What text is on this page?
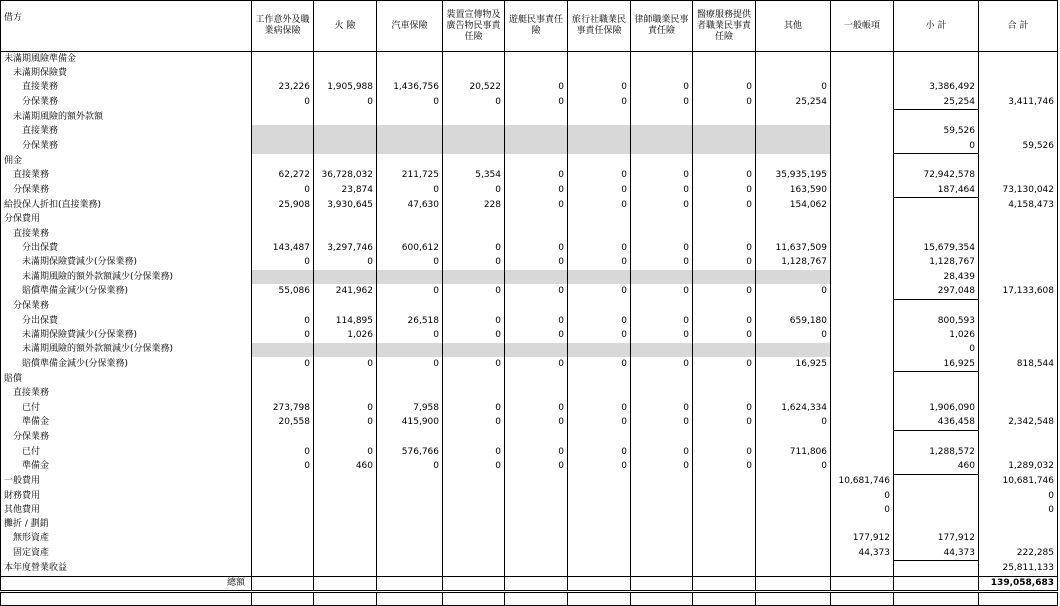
借方	工作意外及職業病保險	火 險	汽車保險	裝置宣傳物及廣告物民事責任險	遊艇民事責任險	旅行社職業民事責任保險	律師職業民事責任險	醫療服務提供者職業民事責任險	其他	一般帳項	小 計	合 計
未滿期風險準備金												
未滿期保險費												
直接業務	23,226	1,905,988	1,436,756	20,522	0	0	0	0	0		3,386,492	
分保業務	0	0	0	0	0	0	0	0	25,254		25,254	3,411,746
未滿期風險的額外款額												
直接業務											59,526	
分保業務											0	59,526
佣金												
直接業務	62,272	36,728,032	211,725	5,354	0	0	0	0	35,935,195		72,942,578	
分保業務	0	23,874	0	0	0	0	0	0	163,590		187,464	73,130,042
給投保人折扣(直接業務)	25,908	3,930,645	47,630	228	0	0	0	0	154,062			4,158,473
分保費用												
直接業務												
分出保費	143,487	3,297,746	600,612	0	0	0	0	0	11,637,509		15,679,354	
未滿期保險費減少(分保業務)	0	0	0	0	0	0	0	0	1,128,767		1,128,767	
未滿期風險的額外款額減少(分保業務)											28,439	
賠償準備金減少(分保業務)	55,086	241,962	0	0	0	0	0	0	0		297,048	17,133,608
分保業務												
分出保費	0	114,895	26,518	0	0	0	0	0	659,180		800,593	
未滿期保險費減少(分保業務)	0	1,026	0	0	0	0	0	0	0		1,026	
未滿期風險的額外款額減少(分保業務)											0	
賠償準備金減少(分保業務)	0	0	0	0	0	0	0	0	16,925		16,925	818,544
賠償												
直接業務												
已付	273,798	0	7,958	0	0	0	0	0	1,624,334		1,906,090	
準備金	20,558	0	415,900	0	0	0	0	0	0		436,458	2,342,548
分保業務												
已付	0	0	576,766	0	0	0	0	0	711,806		1,288,572	
準備金	0	460	0	0	0	0	0	0	0		460	1,289,032
一般費用										10,681,746		10,681,746
財務費用										0		0
其他費用										0		0
攤折 / 劃銷												
無形資產										177,912	177,912	
固定資產										44,373	44,373	222,285
本年度營業收益												25,811,133
總額												139,058,683
